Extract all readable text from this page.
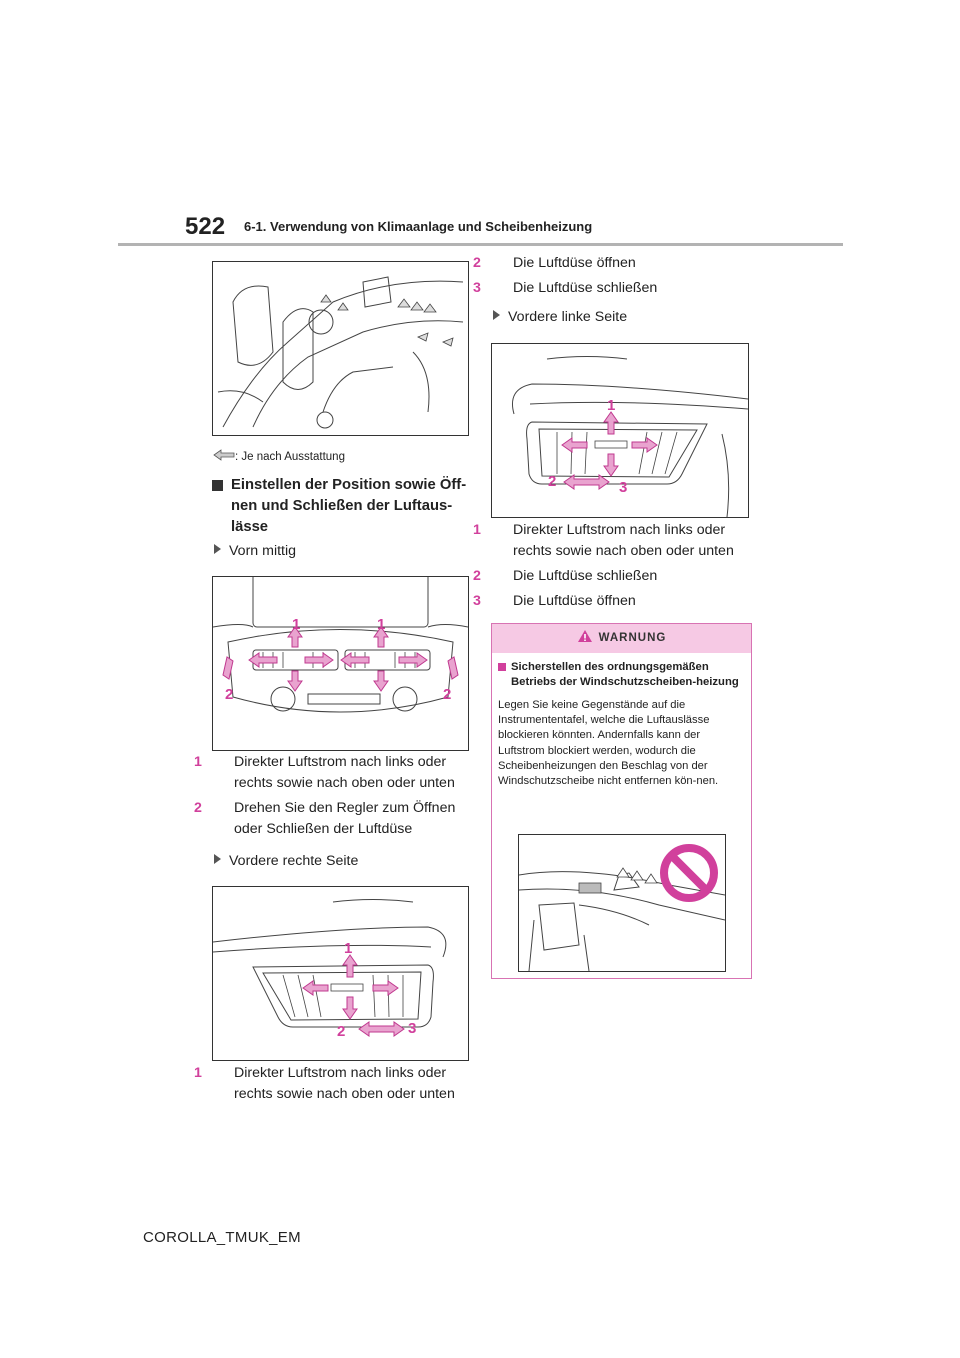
522 6-1. Verwendung von Klimaanlage und Scheibenheizung
: Je nach Ausstattung
Einstellen der Position sowie Öff-nen und Schließen der Luftaus-lässe
Vorn mittig
1	1
2	2
1 Direkter Luftstrom nach links oder rechts sowie nach oben oder unten
2 Drehen Sie den Regler zum Öffnen oder Schließen der Luftdüse
Vordere rechte Seite
1
2	3
1 Direkter Luftstrom nach links oder rechts sowie nach oben oder unten
2 Die Luftdüse öffnen
3 Die Luftdüse schließen
Vordere linke Seite
1
2	3
1 Direkter Luftstrom nach links oder rechts sowie nach oben oder unten
2 Die Luftdüse schließen
3 Die Luftdüse öffnen
WARNUNG
Sicherstellen des ordnungsgemäßen Betriebs der Windschutzscheiben-heizung
Legen Sie keine Gegenstände auf die Instrumententafel, welche die Luftauslässe blockieren könnten. Andernfalls kann der Luftstrom blockiert werden, wodurch die Scheibenheizungen den Beschlag von der Windschutzscheibe nicht entfernen kön-nen.
COROLLA_TMUK_EM
